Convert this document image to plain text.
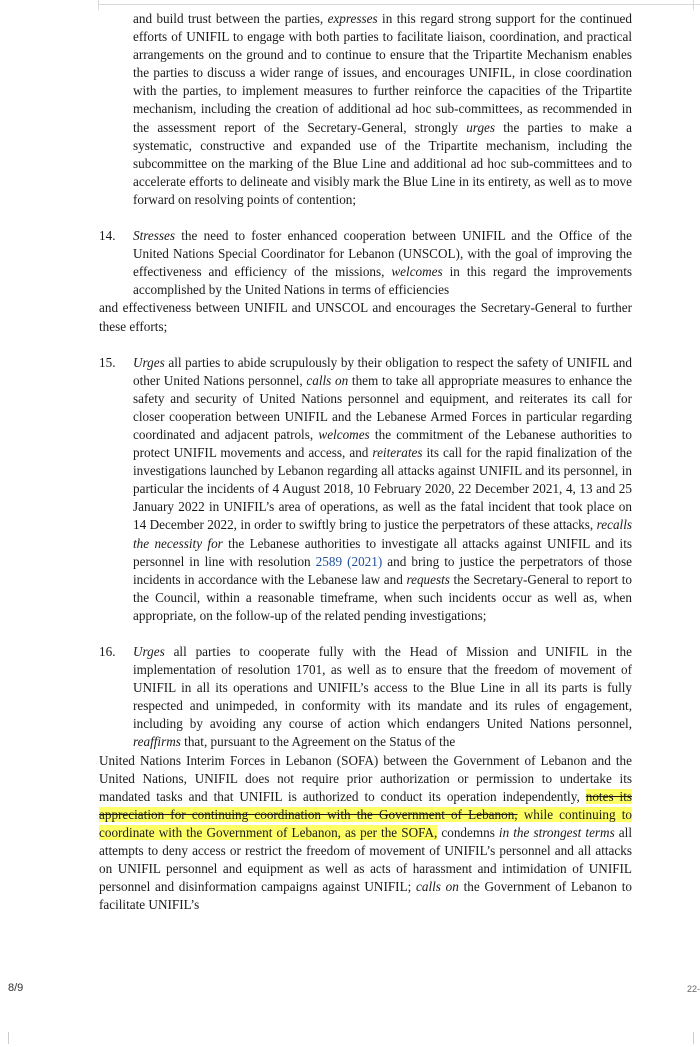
and build trust between the parties, expresses in this regard strong support for the continued efforts of UNIFIL to engage with both parties to facilitate liaison, coordination, and practical arrangements on the ground and to continue to ensure that the Tripartite Mechanism enables the parties to discuss a wider range of issues, and encourages UNIFIL, in close coordination with the parties, to implement measures to further reinforce the capacities of the Tripartite mechanism, including the creation of additional ad hoc sub-committees, as recommended in the assessment report of the Secretary-General, strongly urges the parties to make a systematic, constructive and expanded use of the Tripartite mechanism, including the subcommittee on the marking of the Blue Line and additional ad hoc sub-committees and to accelerate efforts to delineate and visibly mark the Blue Line in its entirety, as well as to move forward on resolving points of contention;

14.	Stresses the need to foster enhanced cooperation between UNIFIL and the Office of the United Nations Special Coordinator for Lebanon (UNSCOL), with the goal of improving the effectiveness and efficiency of the missions, welcomes in this regard the improvements accomplished by the United Nations in terms of efficiencies

and effectiveness between UNIFIL and UNSCOL and encourages the Secretary-General to further these efforts;

15.	Urges all parties to abide scrupulously by their obligation to respect the safety of UNIFIL and other United Nations personnel, calls on them to take all appropriate measures to enhance the safety and security of United Nations personnel and equipment, and reiterates its call for closer cooperation between UNIFIL and the Lebanese Armed Forces in particular regarding coordinated and adjacent patrols, welcomes the commitment of the Lebanese authorities to protect UNIFIL movements and access, and reiterates its call for the rapid finalization of the investigations launched by Lebanon regarding all attacks against UNIFIL and its personnel, in particular the incidents of 4 August 2018, 10 February 2020, 22 December 2021, 4, 13 and 25 January 2022 in UNIFIL’s area of operations, as well as the fatal incident that took place on 14 December 2022, in order to swiftly bring to justice the perpetrators of these attacks, recalls the necessity for the Lebanese authorities to investigate all attacks against UNIFIL and its personnel in line with resolution 2589 (2021) and bring to justice the perpetrators of those incidents in accordance with the Lebanese law and requests the Secretary-General to report to the Council, within a reasonable timeframe, when such incidents occur as well as, when appropriate, on the follow-up of the related pending investigations;

16.	Urges all parties to cooperate fully with the Head of Mission and UNIFIL in the implementation of resolution 1701, as well as to ensure that the freedom of movement of UNIFIL in all its operations and UNIFIL’s access to the Blue Line in all its parts is fully respected and unimpeded, in conformity with its mandate and its rules of engagement, including by avoiding any course of action which endangers United Nations personnel, reaffirms that, pursuant to the Agreement on the Status of the

United Nations Interim Forces in Lebanon (SOFA) between the Government of Lebanon and the United Nations, UNIFIL does not require prior authorization or permission to undertake its mandated tasks and that UNIFIL is authorized to conduct its operation independently, notes its appreciation for continuing coordination with the Government of Lebanon, while continuing to coordinate with the Government of Lebanon, as per the SOFA, condemns in the strongest terms all attempts to deny access or restrict the freedom of movement of UNIFIL’s personnel and all attacks on UNIFIL personnel and equipment as well as acts of harassment and intimidation of UNIFIL personnel and disinformation campaigns against UNIFIL; calls on the Government of Lebanon to facilitate UNIFIL’s

8/9	22-
